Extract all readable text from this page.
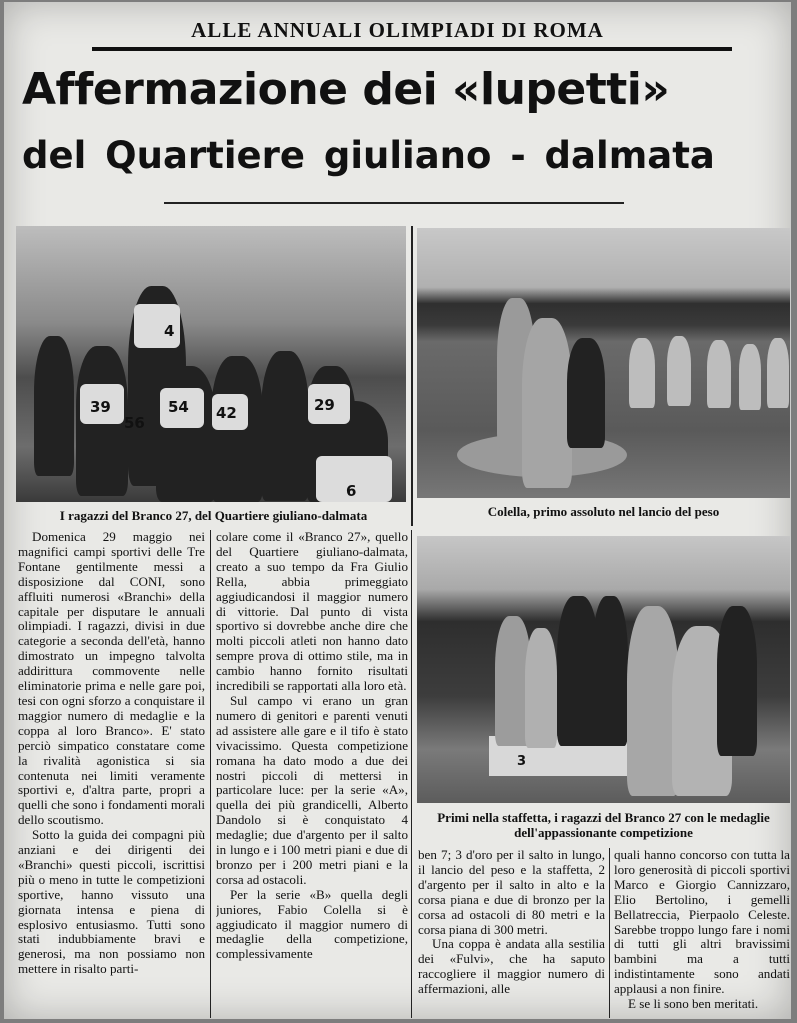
ALLE ANNUALI OLIMPIADI DI ROMA
Affermazione dei «lupetti»
del Quartiere giuliano - dalmata
4
39
56
54 42	29
6
I ragazzi del Branco 27, del Quartiere giuliano-dalmata	Colella, primo assoluto nel lancio del peso
3
Primi nella staffetta, i ragazzi del Branco 27 con le medaglie dell'appassionante competizione

Domenica 29 maggio nei magnifici campi sportivi delle Tre Fontane gentilmente messi a disposizione dal CONI, sono affluiti numerosi «Branchi» della capitale per disputare le annuali olimpiadi. I ragazzi, divisi in due categorie a seconda dell'età, hanno dimostrato un impegno talvolta addirittura commovente nelle eliminatorie prima e nelle gare poi, tesi con ogni sforzo a conquistare il maggior numero di medaglie e la coppa al loro Branco». E' stato perciò simpatico constatare come la rivalità agonistica si sia contenuta nei limiti veramente sportivi e, d'altra parte, propri a quelli che sono i fondamenti morali dello scoutismo.

Sotto la guida dei compagni più anziani e dei dirigenti dei «Branchi» questi piccoli, iscrittisi più o meno in tutte le competizioni sportive, hanno vissuto una giornata intensa e piena di esplosivo entusiasmo. Tutti sono stati indubbiamente bravi e generosi, ma non possiamo non mettere in risalto parti-

colare come il «Branco 27», quello del Quartiere giuliano-dalmata, creato a suo tempo da Fra Giulio Rella, abbia primeggiato aggiudicandosi il maggior numero di vittorie. Dal punto di vista sportivo si dovrebbe anche dire che molti piccoli atleti non hanno dato sempre prova di ottimo stile, ma in cambio hanno fornito risultati incredibili se rapportati alla loro età.

Sul campo vi erano un gran numero di genitori e parenti venuti ad assistere alle gare e il tifo è stato vivacissimo. Questa competizione romana ha dato modo a due dei nostri piccoli di mettersi in particolare luce: per la serie «A», quella dei più grandicelli, Alberto Dandolo si è conquistato 4 medaglie; due d'argento per il salto in lungo e i 100 metri piani e due di bronzo per i 200 metri piani e la corsa ad ostacoli.

Per la serie «B» quella degli juniores, Fabio Colella si è aggiudicato il maggior numero di medaglie della competizione, complessivamente

ben 7; 3 d'oro per il salto in lungo, il lancio del peso e la staffetta, 2 d'argento per il salto in alto e la corsa piana e due di bronzo per la corsa ad ostacoli di 80 metri e la corsa piana di 300 metri.

Una coppa è andata alla sestilia dei «Fulvi», che ha saputo raccogliere il maggior numero di affermazioni, alle

quali hanno concorso con tutta la loro generosità di piccoli sportivi Marco e Giorgio Cannizzaro, Elio Bertolino, i gemelli Bellatreccia, Pierpaolo Celeste. Sarebbe troppo lungo fare i nomi di tutti gli altri bravissimi bambini ma a tutti indistintamente sono andati applausi a non finire.

E se li sono ben meritati.
